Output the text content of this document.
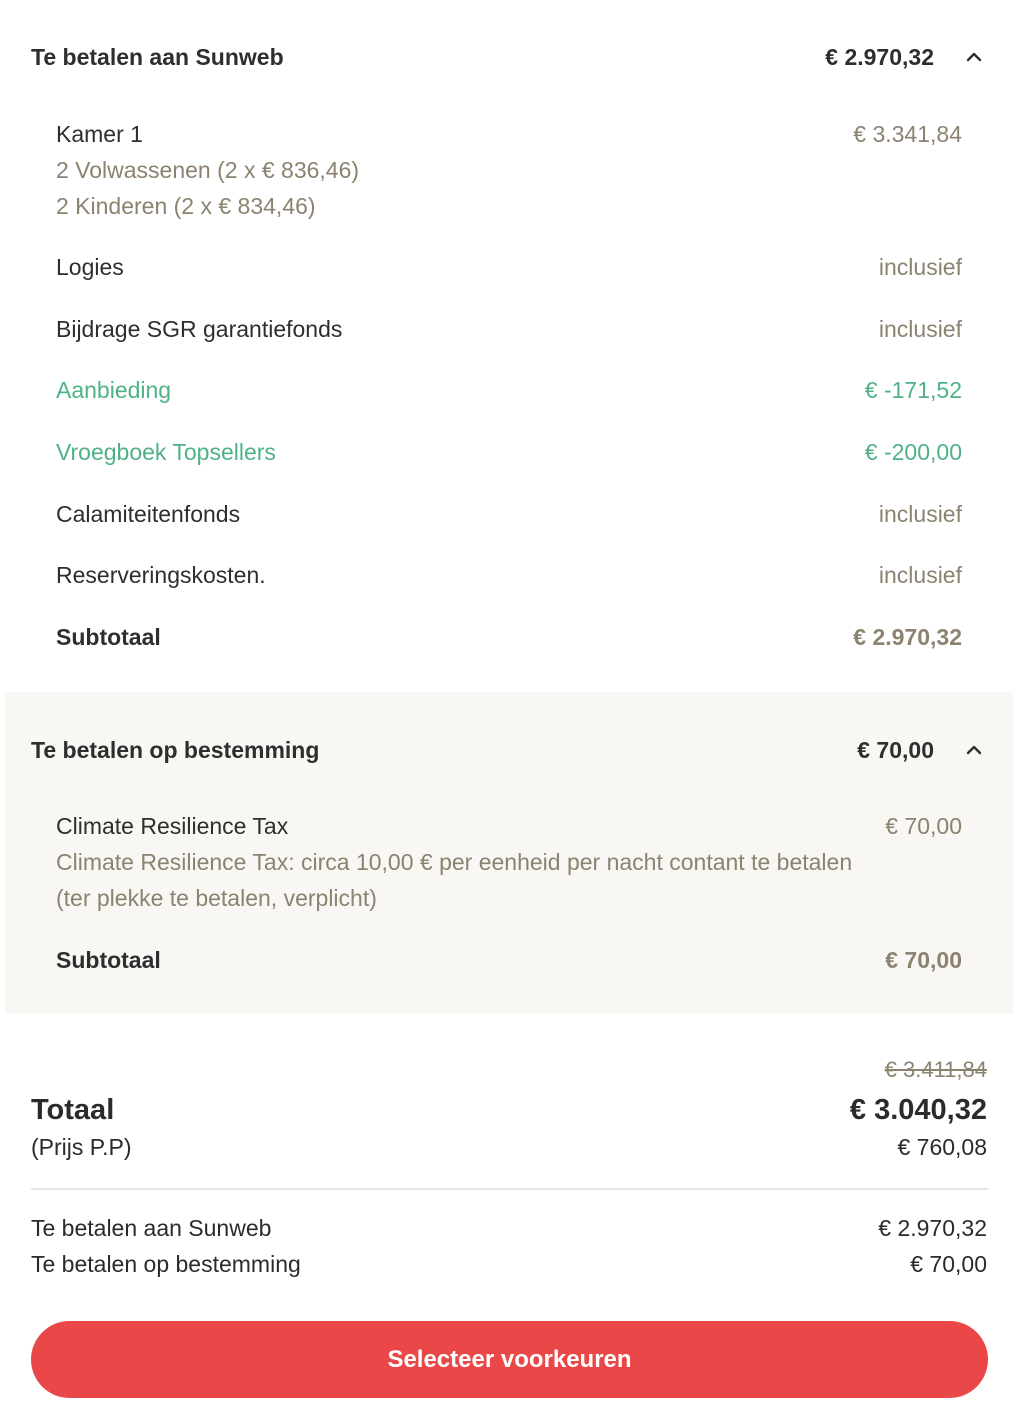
Te betalen aan Sunweb	€ 2.970,32
Kamer 1	€ 3.341,84
2 Volwassenen (2 x € 836,46)
2 Kinderen (2 x € 834,46)
Logies	inclusief
Bijdrage SGR garantiefonds	inclusief
Aanbieding	€ -171,52
Vroegboek Topsellers	€ -200,00
Calamiteitenfonds	inclusief
Reserveringskosten.	inclusief
Subtotaal	€ 2.970,32
Te betalen op bestemming	€ 70,00
Climate Resilience Tax	€ 70,00
Climate Resilience Tax: circa 10,00 € per eenheid per nacht contant te betalen
(ter plekke te betalen, verplicht)
Subtotaal	€ 70,00
€ 3.411,84
Totaal	€ 3.040,32
(Prijs P.P)	€ 760,08
Te betalen aan Sunweb	€ 2.970,32
Te betalen op bestemming	€ 70,00
Selecteer voorkeuren
